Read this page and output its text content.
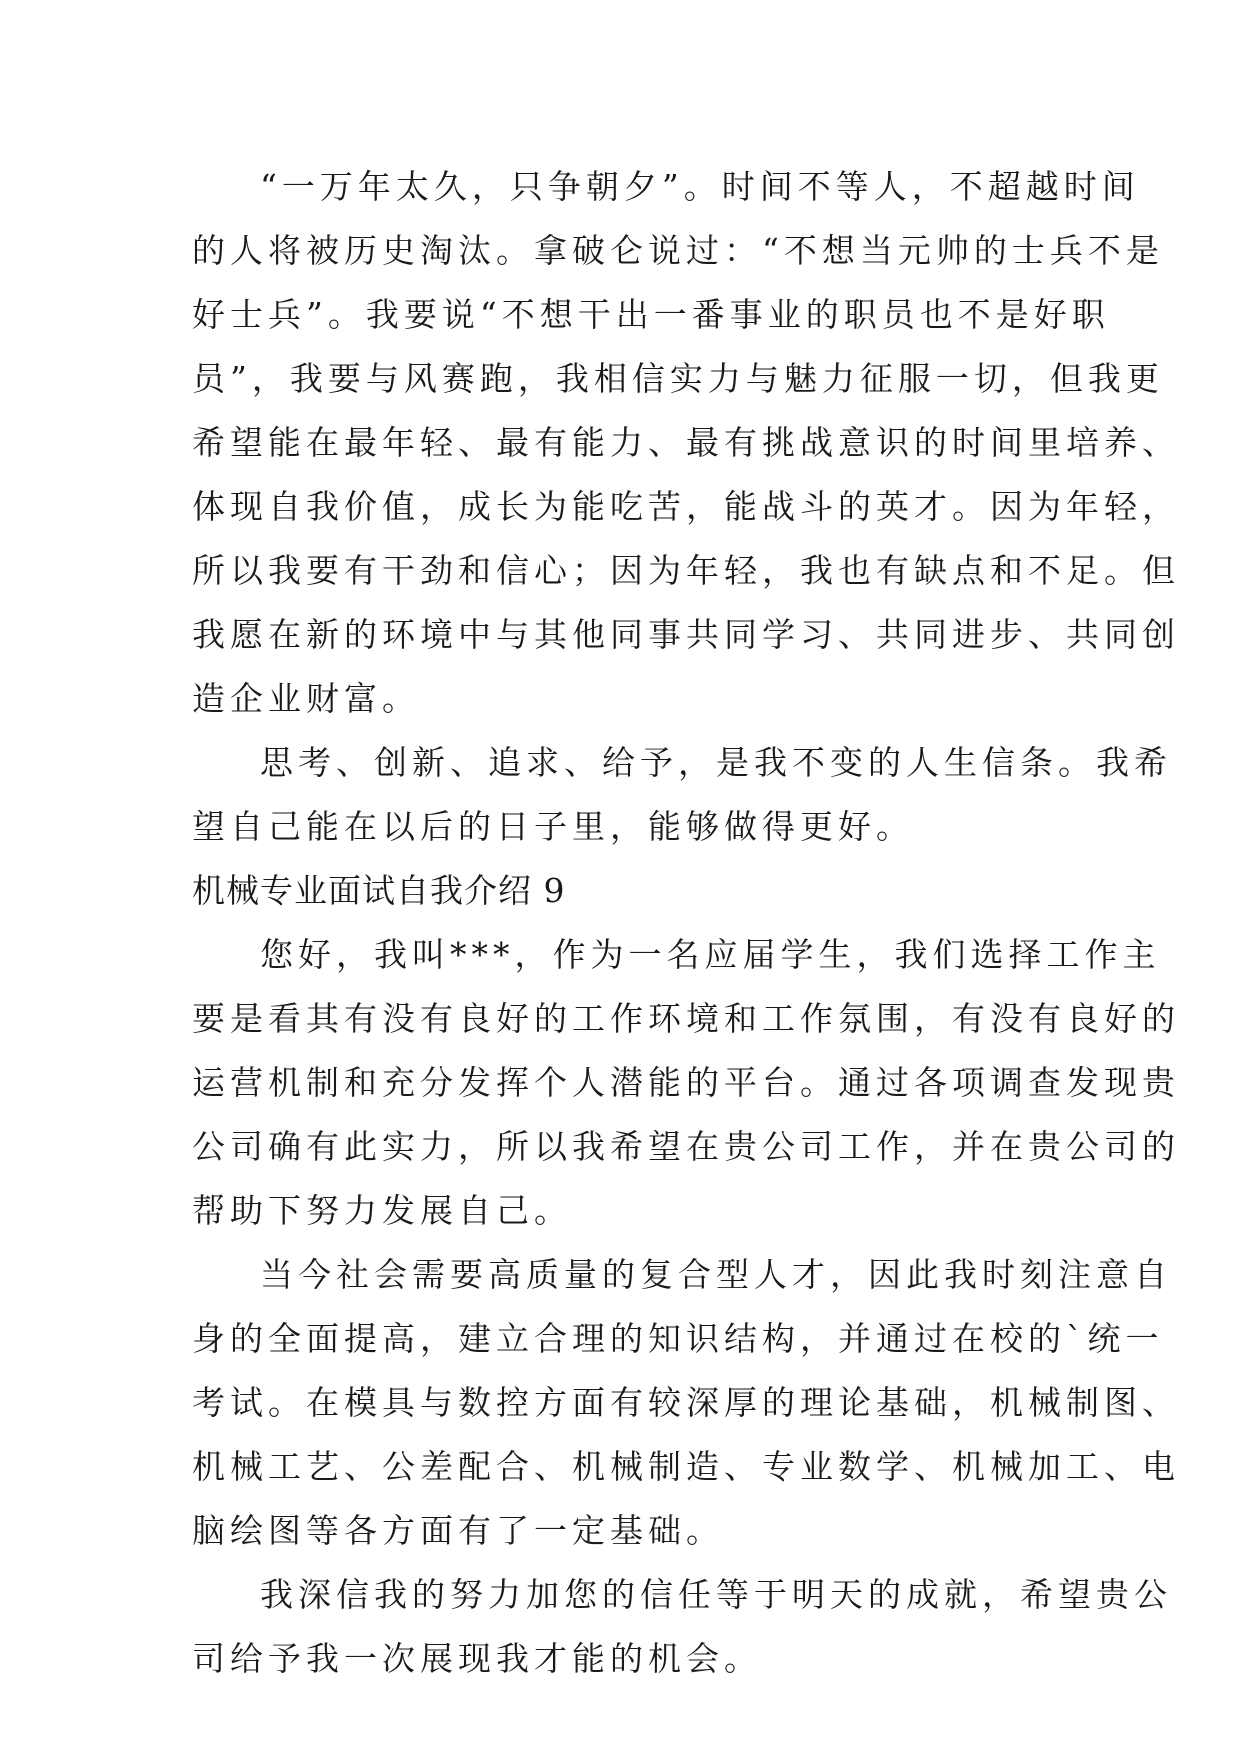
“一万年太久，只争朝夕”。时间不等人，不超越时间
的人将被历史淘汰。拿破仑说过：“不想当元帅的士兵不是
好士兵”。我要说“不想干出一番事业的职员也不是好职
员”，我要与风赛跑，我相信实力与魅力征服一切，但我更
希望能在最年轻、最有能力、最有挑战意识的时间里培养、
体现自我价值，成长为能吃苦，能战斗的英才。因为年轻，
所以我要有干劲和信心；因为年轻，我也有缺点和不足。但
我愿在新的环境中与其他同事共同学习、共同进步、共同创
造企业财富。
思考、创新、追求、给予，是我不变的人生信条。我希
望自己能在以后的日子里，能够做得更好。
机械专业面试自我介绍 9
您好，我叫***，作为一名应届学生，我们选择工作主
要是看其有没有良好的工作环境和工作氛围，有没有良好的
运营机制和充分发挥个人潜能的平台。通过各项调查发现贵
公司确有此实力，所以我希望在贵公司工作，并在贵公司的
帮助下努力发展自己。
当今社会需要高质量的复合型人才，因此我时刻注意自
身的全面提高，建立合理的知识结构，并通过在校的`统一
考试。在模具与数控方面有较深厚的理论基础，机械制图、
机械工艺、公差配合、机械制造、专业数学、机械加工、电
脑绘图等各方面有了一定基础。
我深信我的努力加您的信任等于明天的成就，希望贵公
司给予我一次展现我才能的机会。
